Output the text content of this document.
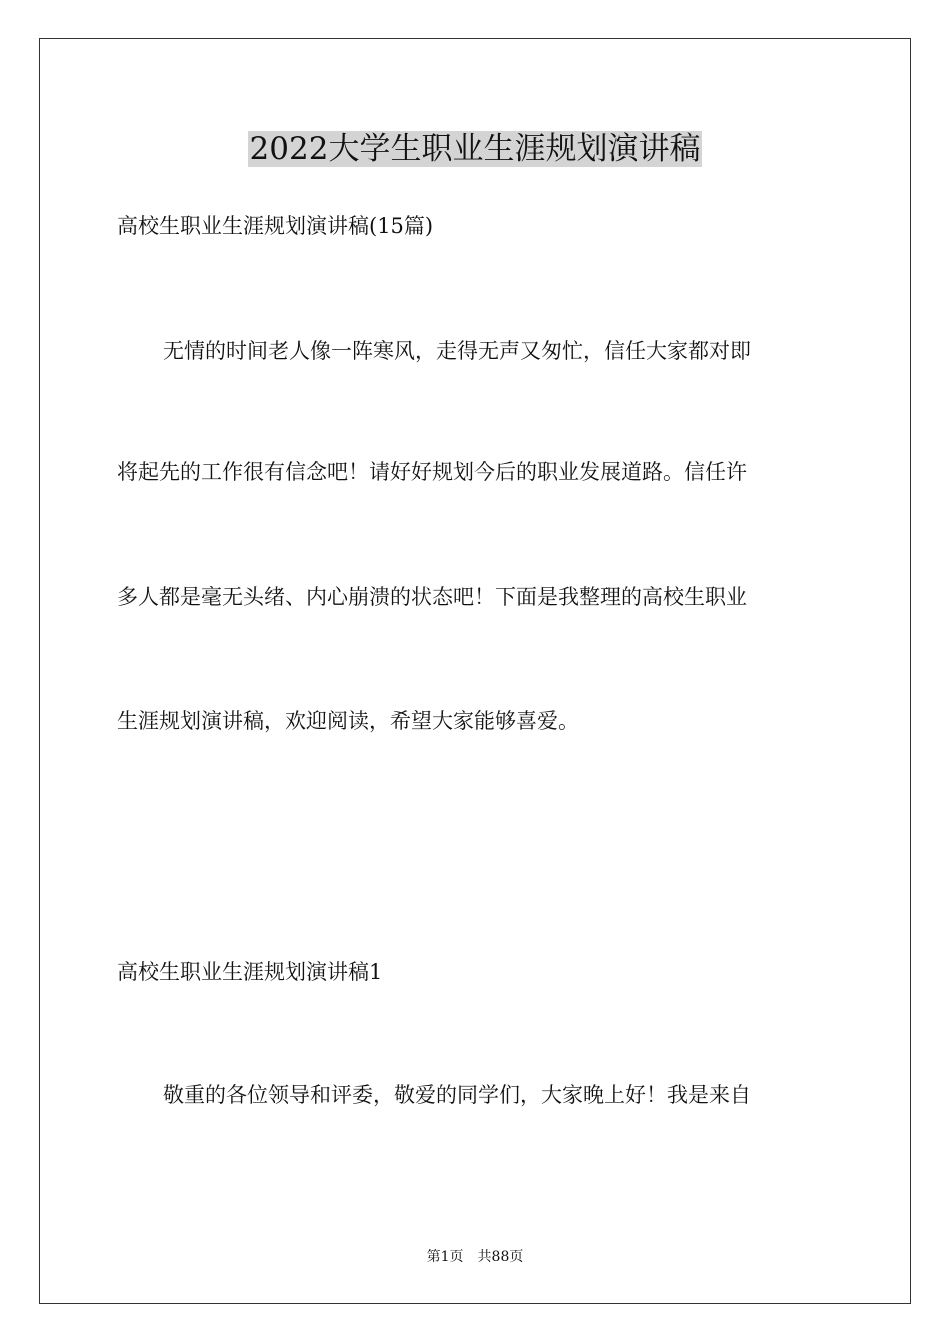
2022大学生职业生涯规划演讲稿
高校生职业生涯规划演讲稿(15篇)
无情的时间老人像一阵寒风，走得无声又匆忙，信任大家都对即
将起先的工作很有信念吧！请好好规划今后的职业发展道路。信任许
多人都是毫无头绪、内心崩溃的状态吧！下面是我整理的高校生职业
生涯规划演讲稿，欢迎阅读，希望大家能够喜爱。
高校生职业生涯规划演讲稿1
敬重的各位领导和评委，敬爱的同学们，大家晚上好！我是来自
第1页 共88页
